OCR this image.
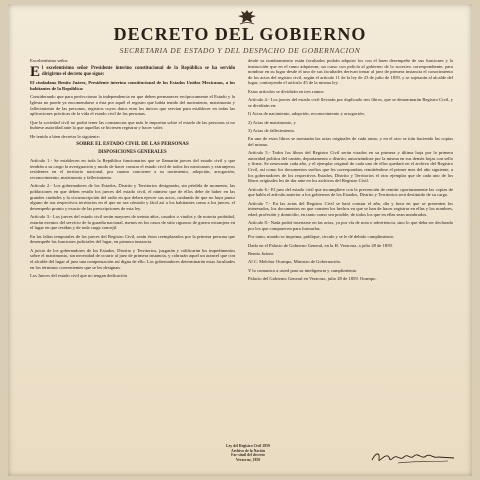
DECRETO DEL GOBIERNO
SECRETARIA DE ESTADO Y DEL DESPACHO DE GOBERNACION

Excelentísimo señor.

E l excelentísimo señor Presidente interino constitucional de la República se ha servido dirigirme el decreto que sigue:

El ciudadano Benito Juárez, Presidente interino constitucional de los Estados Unidos Mexicanos, a los habitantes de la República:

Considerando que para perfeccionar la independencia en que deben permanecer recíprocamente el Estado y la Iglesia no puede ya encomendarse a ésta por aquél el registro que había tenido del nacimiento, matrimonio y fallecimiento de las personas, registros cuyos datos eran los únicos que servían para establecer en todas las aplicaciones prácticas de la vida el estado civil de las personas.

Que la sociedad civil no podrá tener las constancias que más le importan sobre el estado de las personas si no hubiese autoridad ante la que aquellas se hiciesen registrar y hacer valer.

He tenido a bien decretar lo siguiente:

SOBRE EL ESTADO CIVIL DE LAS PERSONAS
DISPOSICIONES GENERALES

Artículo 1.- Se establecen en toda la República funcionarios que se llamarán jueces del estado civil y que tendrán a su cargo la averiguación y modo de hacer constar el estado civil de todos los mexicanos y extranjeros residentes en el territorio nacional, por cuanto concierne a su nacimiento, adopción, arrogación, reconocimiento, matrimonio y fallecimiento.

Artículo 2.- Los gobernadores de los Estados, Distrito y Territorios designarán, sin pérdida de momento, las poblaciones en que deben residir los jueces del estado civil, el número que de ellos debe de haber en las grandes ciudades y la circunscripción del radio en que deben ejercer sus actos, cuidando de que no haya punto alguno de sus respectivos territorios en el que no sea cómodo y fácil así a los habitantes como a los jueces, el desempeño pronto y exacto de las prescripciones de esta ley.

Artículo 3.- Los jueces del estado civil serán mayores de treinta años, casados o viudos y de notoria probidad, estarán exentos del servicio de la guardia nacional, menos en los casos de sitio riguroso de guerra extranjera en el lugar en que residan y de toda carga concejil.

En las faltas temporales de los jueces del Registro Civil, serán éstos reemplazados por la primera persona que desempeñe las funciones judiciales del lugar, en primera instancia.

A juicio de los gobernadores de los Estados, Distrito y Territorios, juzgarán y calificarán los impedimentos sobre el matrimonio, sin necesidad de ocurrir al juez de primera instancia, y cobrarán aquel un arancel que con el alcalde del lugar al juez una compensación así digna de ello. Los gobernadores determinarán estas facultades en los términos convenientes que se les designan.

Los Jueces del estado civil que no tengan dedicación

desde su nombramiento están facultados podrán adquirir los con el buen desempeño de sus funciones y la instrucción que en el ramo adquieran, un curso con policía al gobierno de lo sucesivo correspondiente, para nombrar en su lugar desde el uno de sus facultades derivan tomar al juez de primera instancia el conocimiento de los actos del registro civil, según el artículo 11 de la ley de 23 de julio de 1859, y se sujetarán al alcalde del lugar, contrayendo el artículo 45 de la misma ley.

Estos artículos se dividirán en tres ramos:

Artículo 4.- Los jueces del estado civil llevarán por duplicado tres libros, que se denominarán Registro Civil, y se dividirán en:

I) Actas de nacimiento, adopción, reconocimiento y arrogación.

2) Actas de matrimonio, y

3) Actas de fallecimiento.

En uno de estos libros se asentarán las actas originales de cada ramo, y en el otro se irán haciendo las copias del mismo.

Artículo 5.- Todos los libros del Registro Civil serán visados en su primera y última hoja por la primera autoridad política del cantón, departamento o distrito, autorizándose por la misma en sus demás hojas con sello y firma. Se renovarán cada año, y el ejemplar original de cada uno de ellos quedará en el archivo del Registro Civil, así como los documentos sueltos que les correspondan, remitiéndose el primer mes del año siguiente, a los gobernadores de los respectivos Estados, Distrito y Territorios el otro ejemplar que de cada uno de los libros originales les de dar ante en los archivos del Registro Civil.

Artículo 6.- El juez del estado civil que incumpliere con la prevención de remitir oportunamente las copias de que habla el artículo anterior a los gobiernos de los Estados, Distrito y Territorios será destituido de su cargo.

Artículo 7.- En las actas del Registro Civil se hará constar el año, día y hora en que se presenten los interesados, los documentos en que consten los hechos en que se han de hacer registrar en ellas y los nombres, edad, profesión y domicilio, en tanto como sea posible, de todos los que en ellas sean nombrados.

Artículo 8.- Nada podrá insertarse en las actas, ya por vía de nota o advertencia, sino lo que deba ser declarado por los que comparecen para formarlas.

Por tanto, mando se imprima, publique, circule y se le dé debido cumplimiento.

Dado en el Palacio de Gobierno General, en la H. Veracruz, a julio 28 de 1859.

Benito Juárez.

Al C. Melchor Ocampo, Ministro de Gobernación.

Y lo comunico a usted para su inteligencia y cumplimiento.

Palacio del Gobierno General en Veracruz, julio 28 de 1859. Ocampo.

Ley del Registro Civil 1859
Archivo de la Nación
Fac-símil del decreto
Veracruz, 1859
